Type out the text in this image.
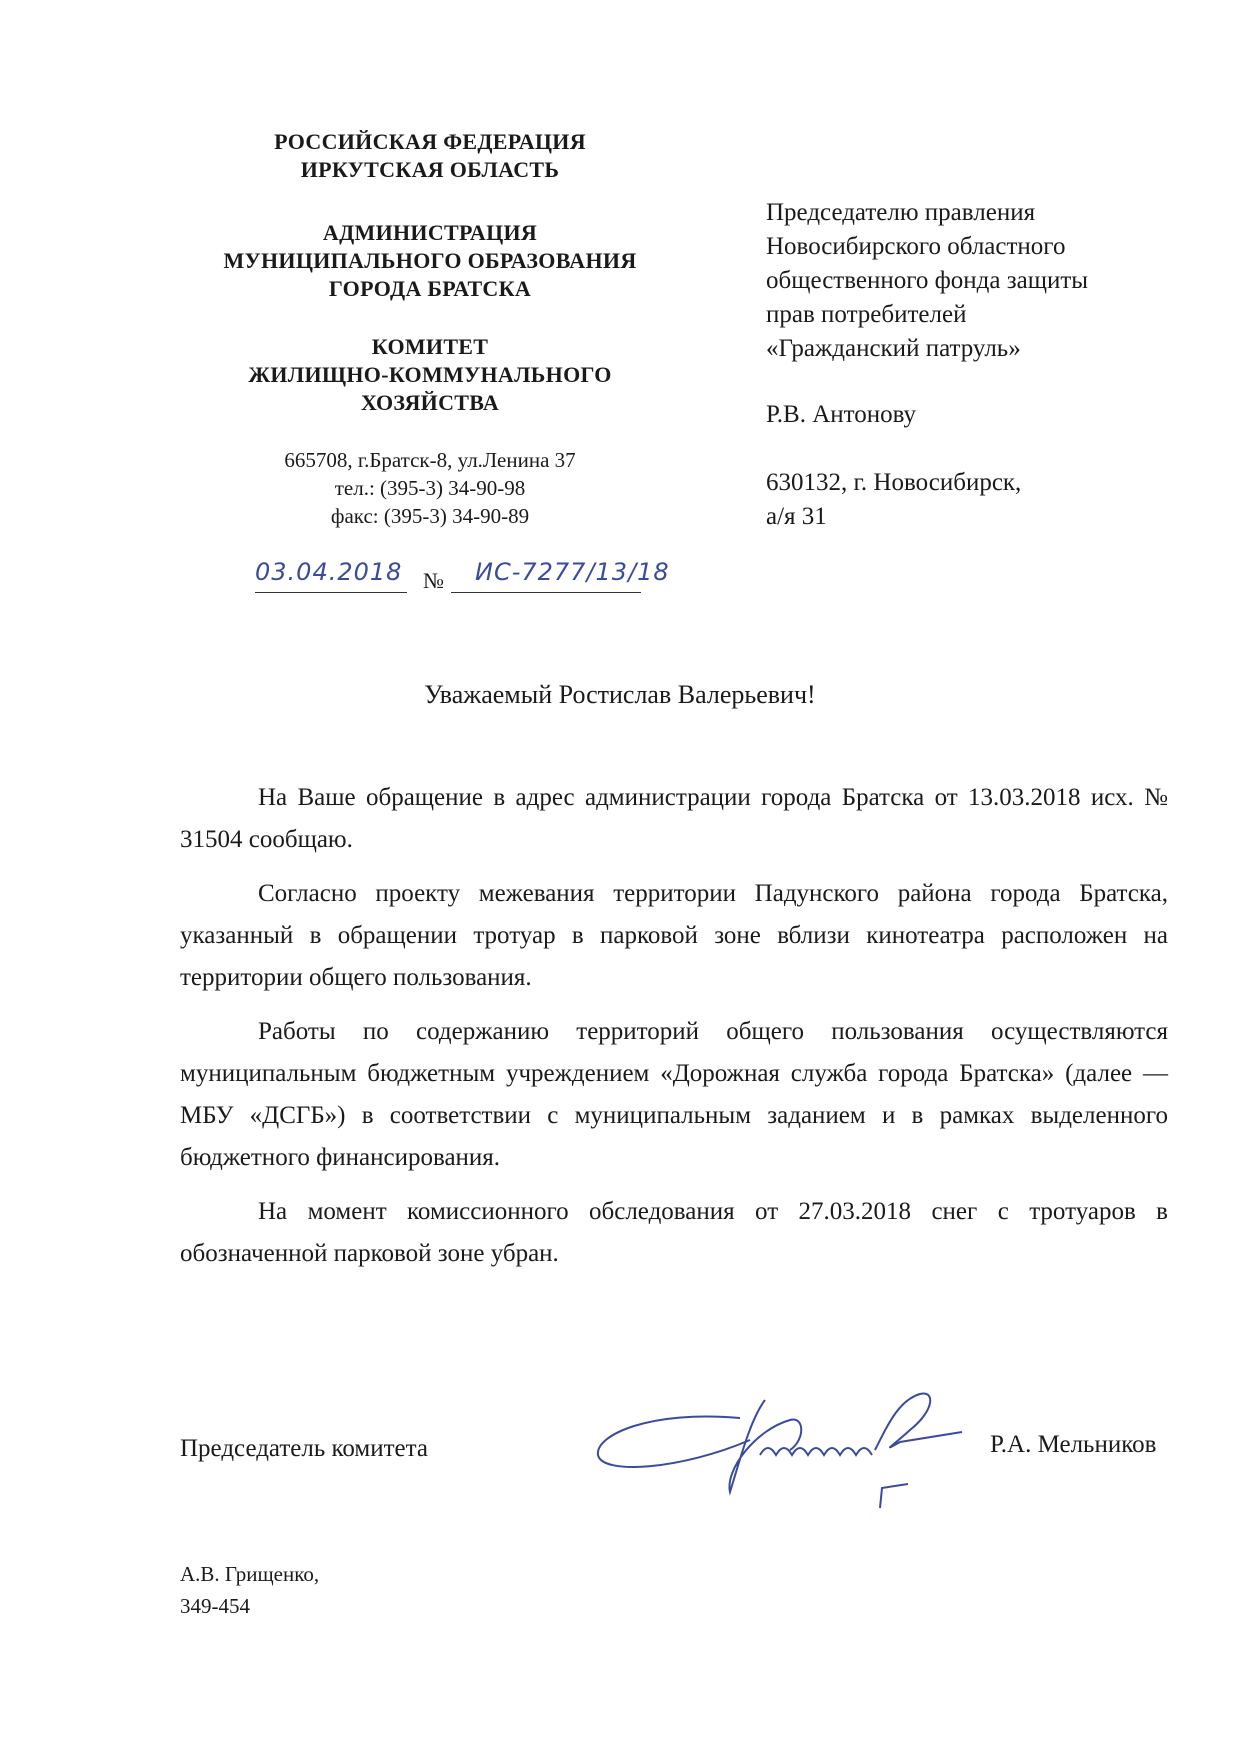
РОССИЙСКАЯ ФЕДЕРАЦИЯ
ИРКУТСКАЯ ОБЛАСТЬ
АДМИНИСТРАЦИЯ
МУНИЦИПАЛЬНОГО ОБРАЗОВАНИЯ
ГОРОДА БРАТСКА
КОМИТЕТ
ЖИЛИЩНО-КОММУНАЛЬНОГО
ХОЗЯЙСТВА
665708, г.Братск-8, ул.Ленина 37
тел.: (395-3) 34-90-98
факс: (395-3) 34-90-89
03.04.2018 № ИС-7277/13/18
Председателю правления
Новосибирского областного
общественного фонда защиты
прав потребителей
«Гражданский патруль»
Р.В. Антонову
630132, г. Новосибирск,
а/я 31
Уважаемый Ростислав Валерьевич!

На Ваше обращение в адрес администрации города Братска от 13.03.2018 исх. № 31504 сообщаю.

Согласно проекту межевания территории Падунского района города Братска, указанный в обращении тротуар в парковой зоне вблизи кинотеатра расположен на территории общего пользования.

Работы по содержанию территорий общего пользования осуществляются муниципальным бюджетным учреждением «Дорожная служба города Братска» (далее — МБУ «ДСГБ») в соответствии с муниципальным заданием и в рамках выделенного бюджетного финансирования.

На момент комиссионного обследования от 27.03.2018 снег с тротуаров в обозначенной парковой зоне убран.

Председатель комитета	Р.А. Мельников
А.В. Грищенко,
349-454
